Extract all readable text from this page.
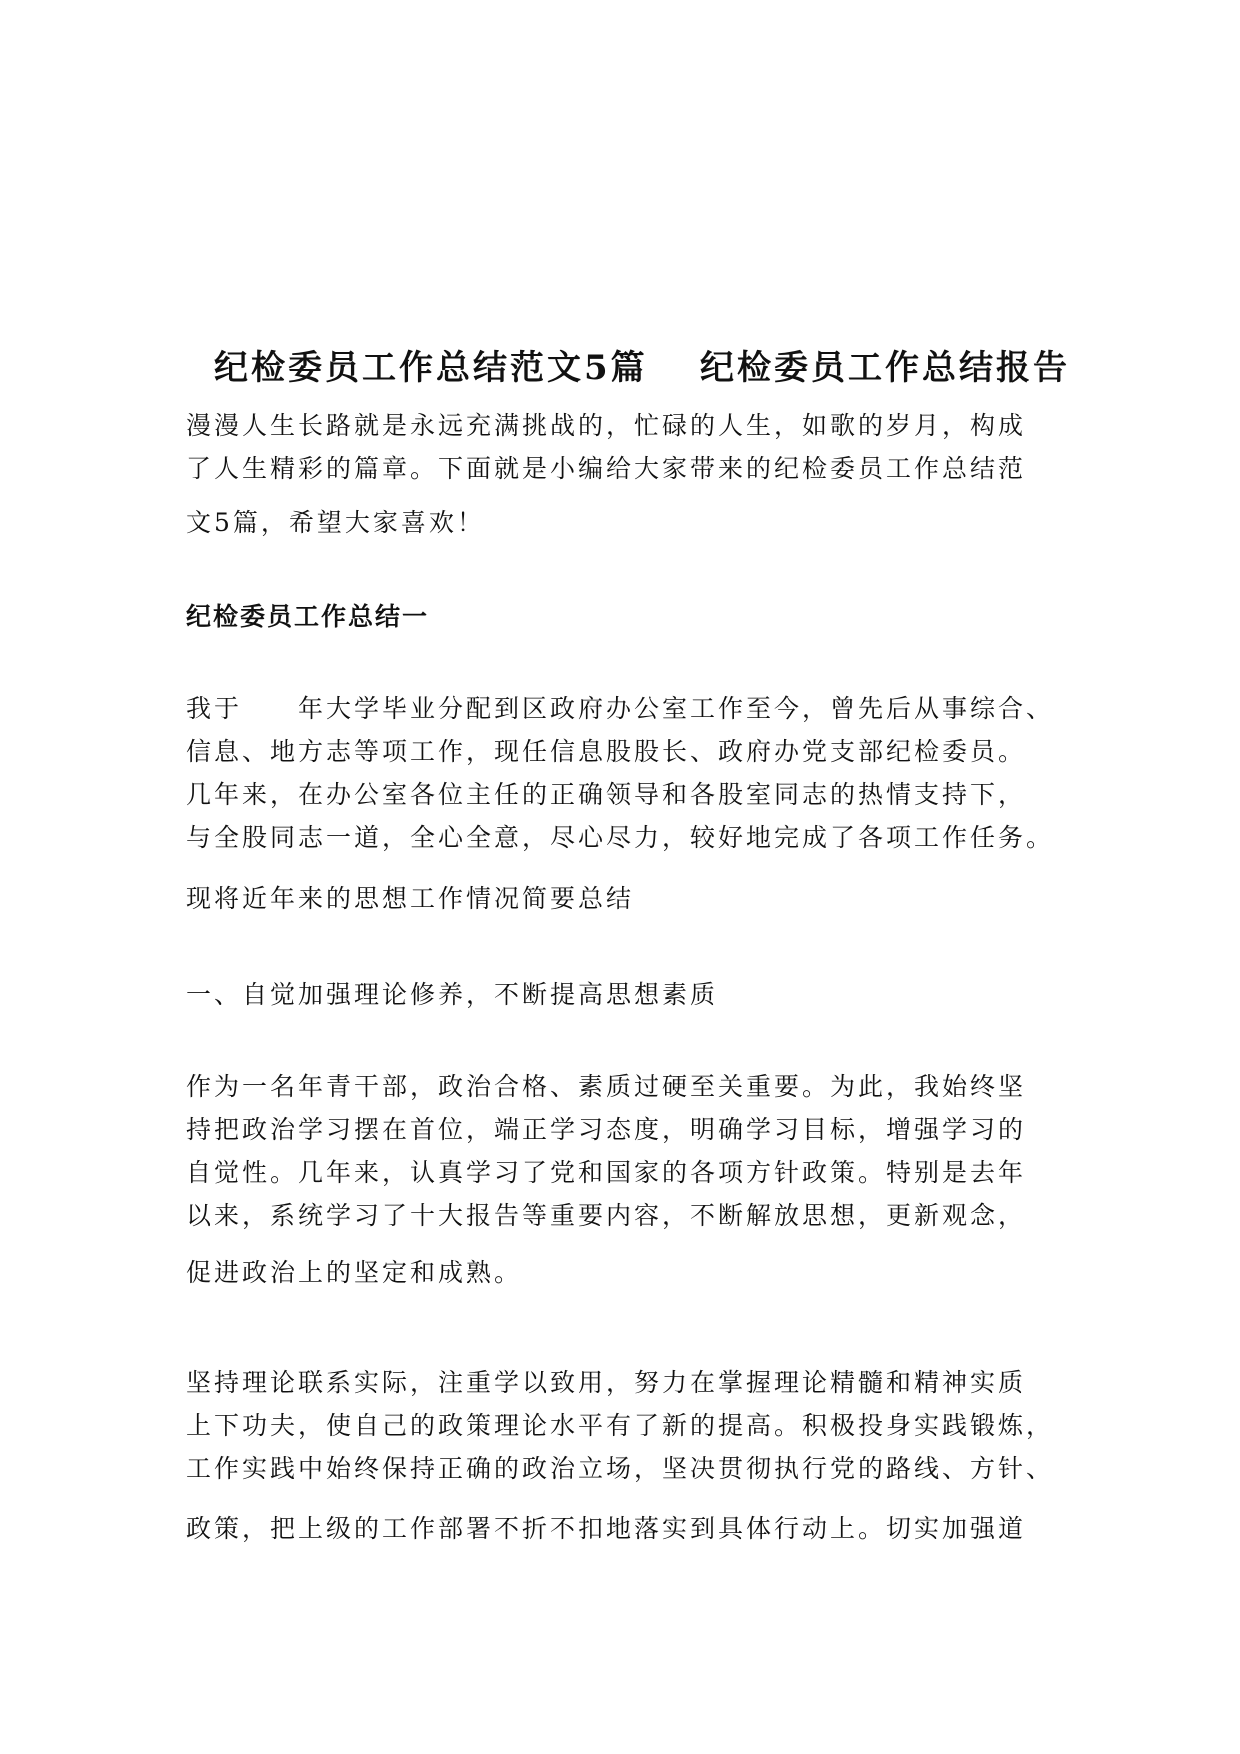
纪检委员工作总结范文5篇 纪检委员工作总结报告
漫漫人生长路就是永远充满挑战的，忙碌的人生，如歌的岁月，构成
了人生精彩的篇章。下面就是小编给大家带来的纪检委员工作总结范
文5篇，希望大家喜欢！
纪检委员工作总结一
我于　　年大学毕业分配到区政府办公室工作至今，曾先后从事综合、
信息、地方志等项工作，现任信息股股长、政府办党支部纪检委员。
几年来，在办公室各位主任的正确领导和各股室同志的热情支持下，
与全股同志一道，全心全意，尽心尽力，较好地完成了各项工作任务。
现将近年来的思想工作情况简要总结
一、自觉加强理论修养，不断提高思想素质
作为一名年青干部，政治合格、素质过硬至关重要。为此，我始终坚
持把政治学习摆在首位，端正学习态度，明确学习目标，增强学习的
自觉性。几年来，认真学习了党和国家的各项方针政策。特别是去年
以来，系统学习了十大报告等重要内容，不断解放思想，更新观念，
促进政治上的坚定和成熟。
坚持理论联系实际，注重学以致用，努力在掌握理论精髓和精神实质
上下功夫，使自己的政策理论水平有了新的提高。积极投身实践锻炼，
工作实践中始终保持正确的政治立场，坚决贯彻执行党的路线、方针、
政策，把上级的工作部署不折不扣地落实到具体行动上。切实加强道
